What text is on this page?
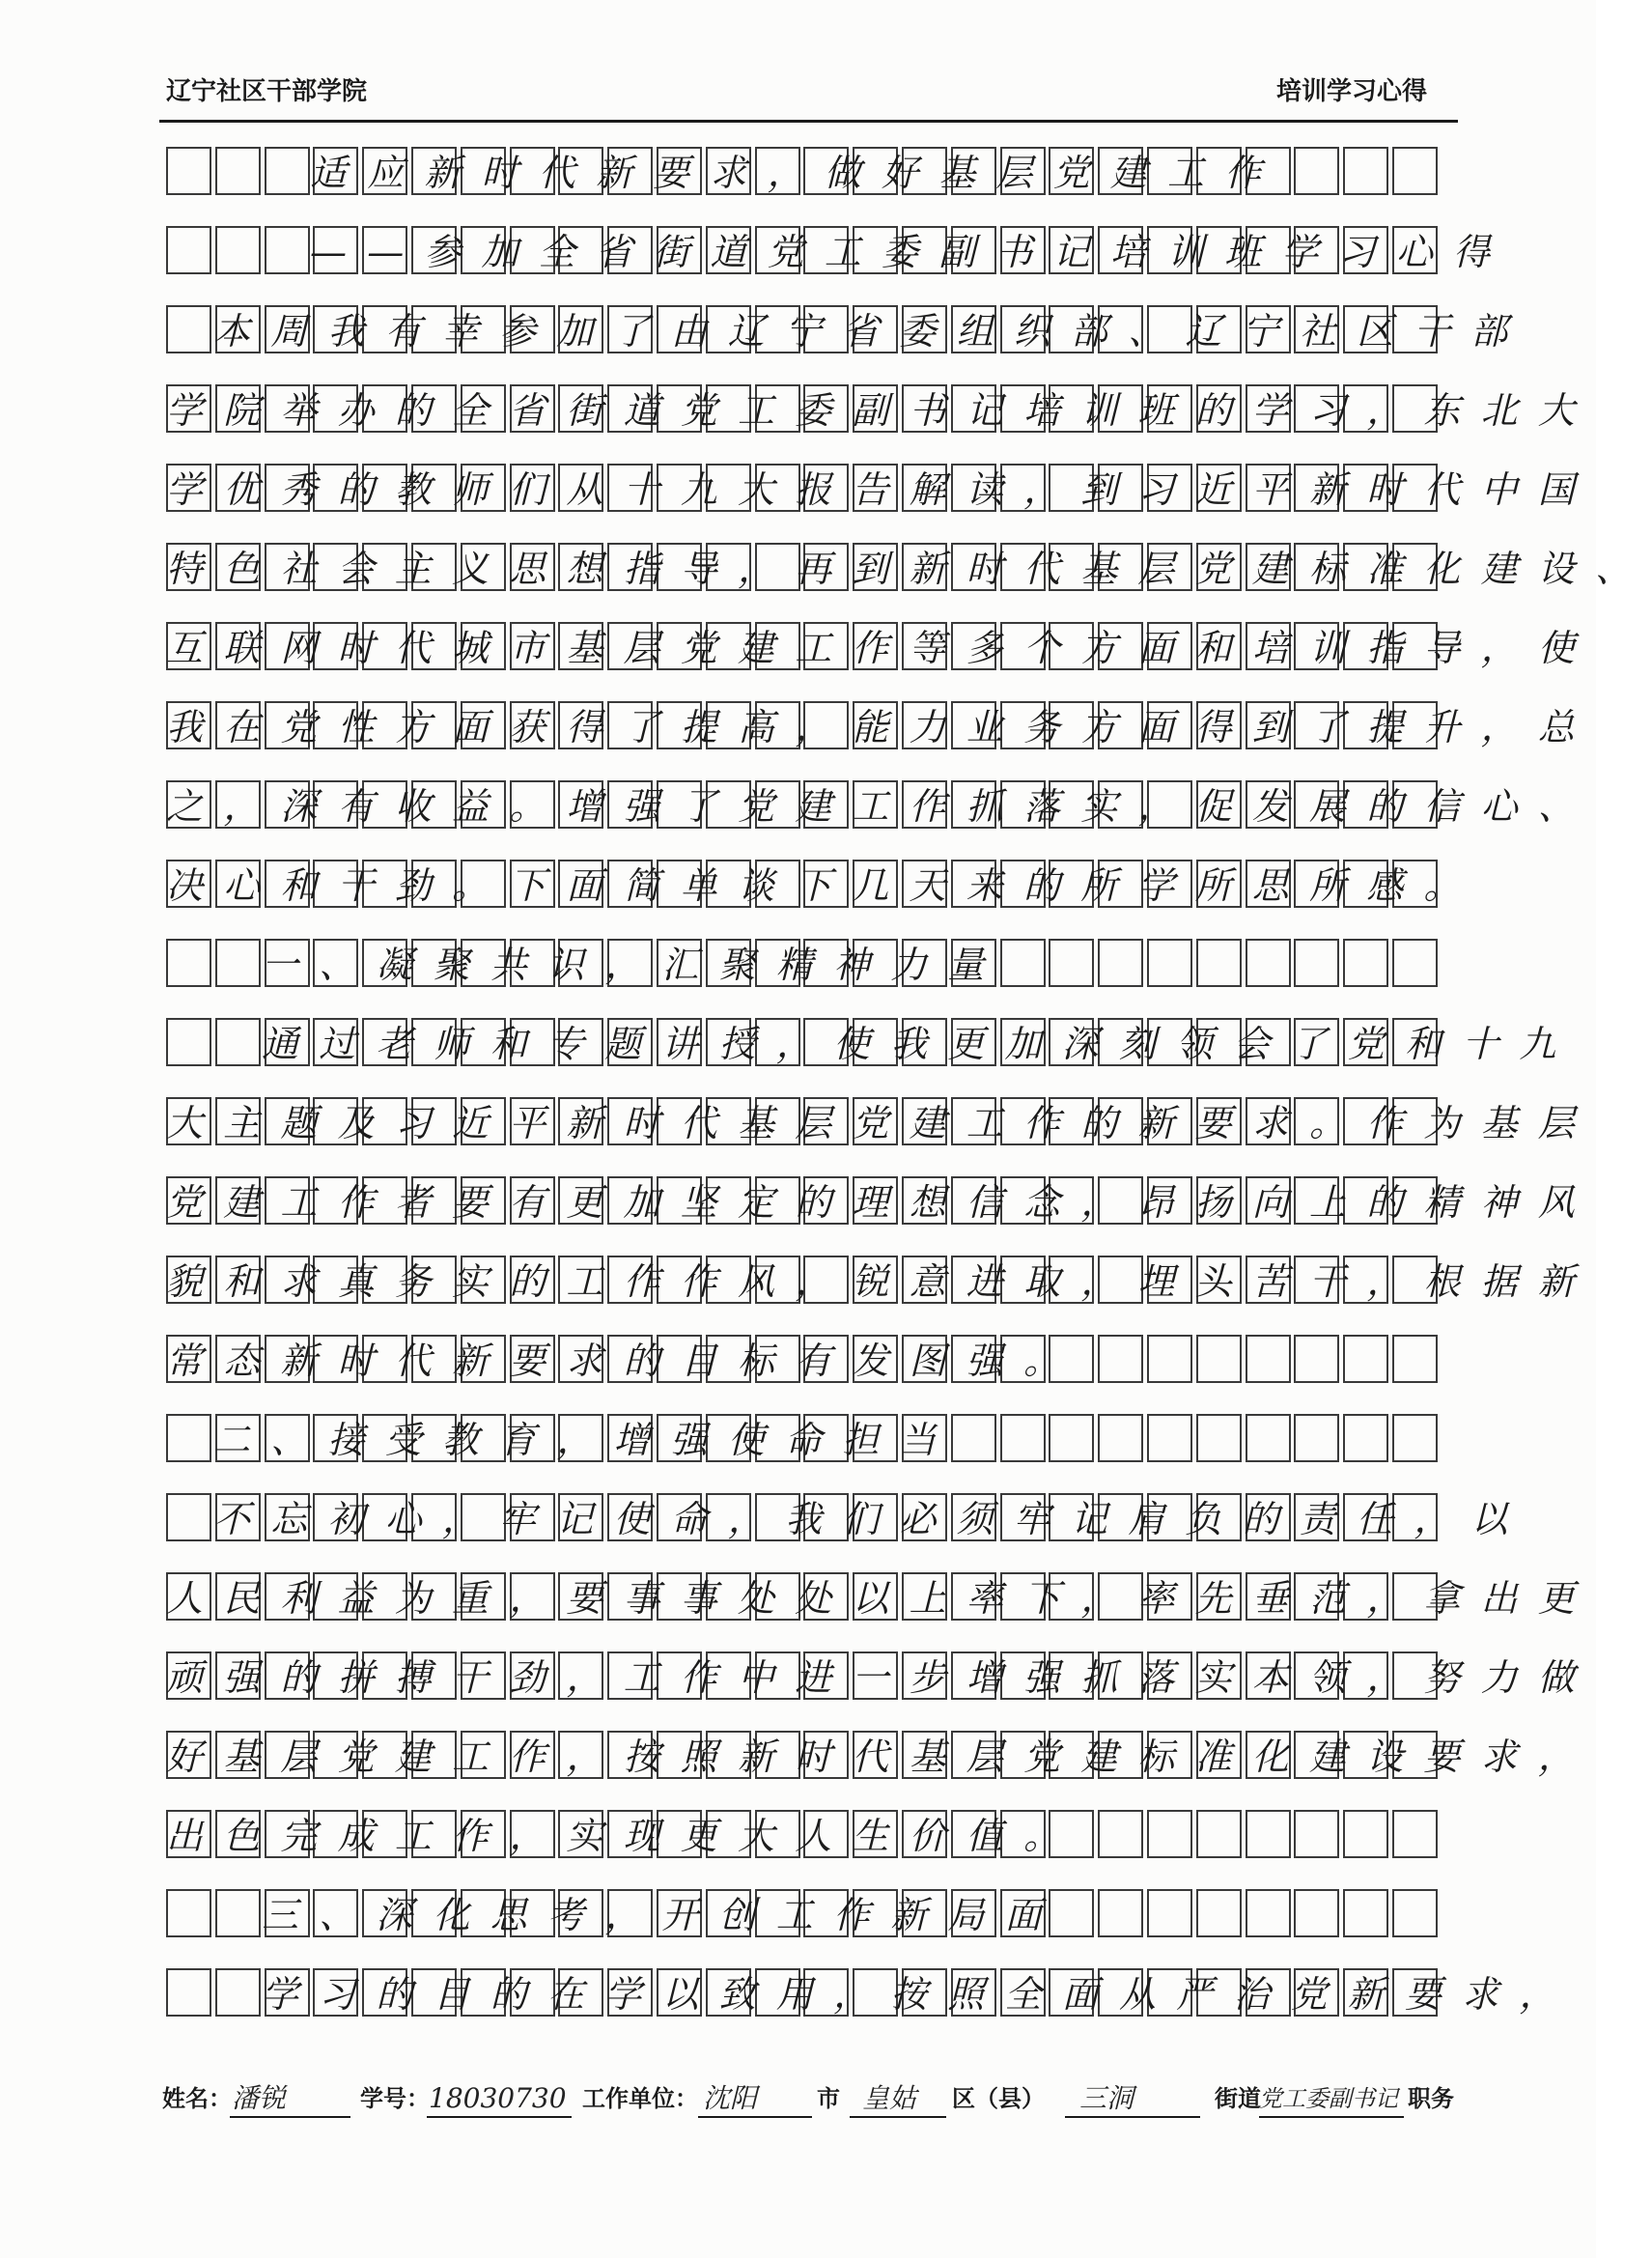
辽宁社区干部学院	培训学习心得
适应新时代新要求，做好基层党建工作
——参加全省街道党工委副书记培训班学习心得
本周我有幸参加了由辽宁省委组织部、辽宁社区干部
学院举办的全省街道党工委副书记培训班的学习，东北大
学优秀的教师们从十九大报告解读，到习近平新时代中国
特色社会主义思想指导，再到新时代基层党建标准化建设、
互联网时代城市基层党建工作等多个方面和培训指导，使
我在党性方面获得了提高，能力业务方面得到了提升，总
之，深有收益。增强了党建工作抓落实，促发展的信心、
决心和干劲。下面简单谈下几天来的所学所思所感。
一、凝聚共识，汇聚精神力量
通过老师和专题讲授，使我更加深刻领会了党和十九
大主题及习近平新时代基层党建工作的新要求。作为基层
党建工作者要有更加坚定的理想信念，昂扬向上的精神风
貌和求真务实的工作作风，锐意进取，埋头苦干，根据新
常态新时代新要求的目标有发图强。
二、接受教育，增强使命担当
不忘初心，牢记使命，我们必须牢记肩负的责任，以
人民利益为重，要事事处处以上率下，率先垂范，拿出更
顽强的拼搏干劲，工作中进一步增强抓落实本领，努力做
好基层党建工作，按照新时代基层党建标准化建设要求，
出色完成工作，实现更大人生价值。
三、深化思考，开创工作新局面
学习的目的在学以致用，按照全面从严治党新要求，
姓名： 潘锐	学号： 18030730 工作单位： 沈阳	市 皇姑 区（县） 三洞	街道
党工委副书记 职务
